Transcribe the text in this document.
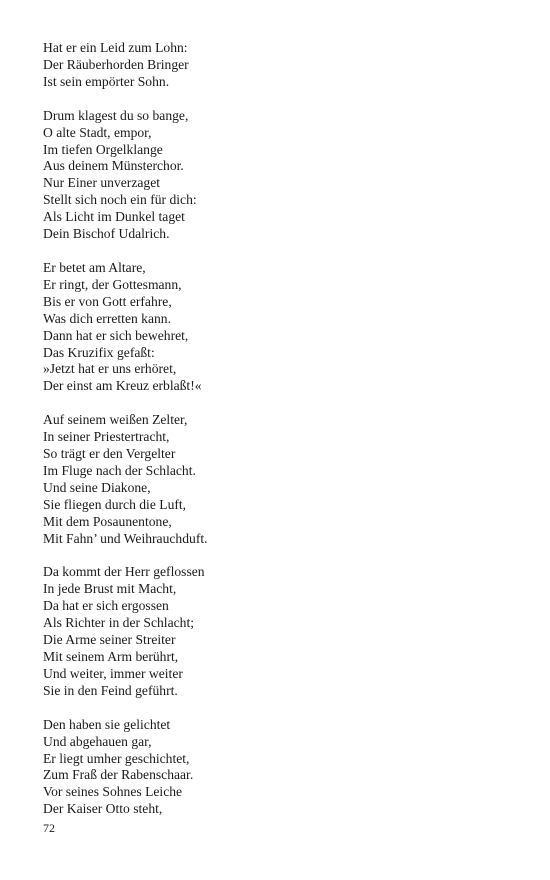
Hat er ein Leid zum Lohn:
Der Räuberhorden Bringer
Ist sein empörter Sohn.
Drum klagest du so bange,
O alte Stadt, empor,
Im tiefen Orgelklange
Aus deinem Münsterchor.
Nur Einer unverzaget
Stellt sich noch ein für dich:
Als Licht im Dunkel taget
Dein Bischof Udalrich.
Er betet am Altare,
Er ringt, der Gottesmann,
Bis er von Gott erfahre,
Was dich erretten kann.
Dann hat er sich bewehret,
Das Kruzifix gefaßt:
»Jetzt hat er uns erhöret,
Der einst am Kreuz erblaßt!«
Auf seinem weißen Zelter,
In seiner Priestertracht,
So trägt er den Vergelter
Im Fluge nach der Schlacht.
Und seine Diakone,
Sie fliegen durch die Luft,
Mit dem Posaunentone,
Mit Fahn’ und Weihrauchduft.
Da kommt der Herr geflossen
In jede Brust mit Macht,
Da hat er sich ergossen
Als Richter in der Schlacht;
Die Arme seiner Streiter
Mit seinem Arm berührt,
Und weiter, immer weiter
Sie in den Feind geführt.
Den haben sie gelichtet
Und abgehauen gar,
Er liegt umher geschichtet,
Zum Fraß der Rabenschaar.
Vor seines Sohnes Leiche
Der Kaiser Otto steht,
72
